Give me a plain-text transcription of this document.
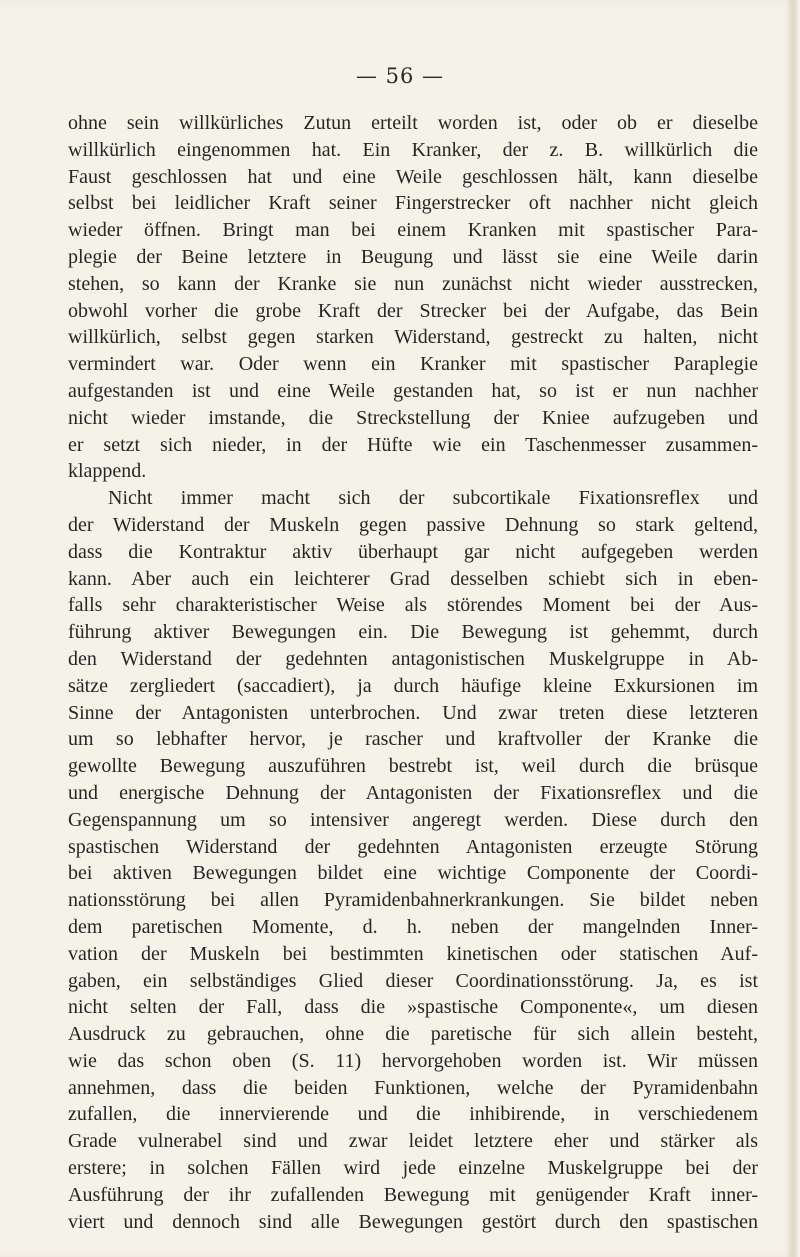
— 56 —
ohne sein willkürliches Zutun erteilt worden ist, oder ob er dieselbe
willkürlich eingenommen hat. Ein Kranker, der z. B. willkürlich die
Faust geschlossen hat und eine Weile geschlossen hält, kann dieselbe
selbst bei leidlicher Kraft seiner Fingerstrecker oft nachher nicht gleich
wieder öffnen. Bringt man bei einem Kranken mit spastischer Para-
plegie der Beine letztere in Beugung und lässt sie eine Weile darin
stehen, so kann der Kranke sie nun zunächst nicht wieder ausstrecken,
obwohl vorher die grobe Kraft der Strecker bei der Aufgabe, das Bein
willkürlich, selbst gegen starken Widerstand, gestreckt zu halten, nicht
vermindert war. Oder wenn ein Kranker mit spastischer Paraplegie
aufgestanden ist und eine Weile gestanden hat, so ist er nun nachher
nicht wieder imstande, die Streckstellung der Kniee aufzugeben und
er setzt sich nieder, in der Hüfte wie ein Taschenmesser zusammen-
klappend.
Nicht immer macht sich der subcortikale Fixationsreflex und
der Widerstand der Muskeln gegen passive Dehnung so stark geltend,
dass die Kontraktur aktiv überhaupt gar nicht aufgegeben werden
kann. Aber auch ein leichterer Grad desselben schiebt sich in eben-
falls sehr charakteristischer Weise als störendes Moment bei der Aus-
führung aktiver Bewegungen ein. Die Bewegung ist gehemmt, durch
den Widerstand der gedehnten antagonistischen Muskelgruppe in Ab-
sätze zergliedert (saccadiert), ja durch häufige kleine Exkursionen im
Sinne der Antagonisten unterbrochen. Und zwar treten diese letzteren
um so lebhafter hervor, je rascher und kraftvoller der Kranke die
gewollte Bewegung auszuführen bestrebt ist, weil durch die brüsque
und energische Dehnung der Antagonisten der Fixationsreflex und die
Gegenspannung um so intensiver angeregt werden. Diese durch den
spastischen Widerstand der gedehnten Antagonisten erzeugte Störung
bei aktiven Bewegungen bildet eine wichtige Componente der Coordi-
nationsstörung bei allen Pyramidenbahnerkrankungen. Sie bildet neben
dem paretischen Momente, d. h. neben der mangelnden Inner-
vation der Muskeln bei bestimmten kinetischen oder statischen Auf-
gaben, ein selbständiges Glied dieser Coordinationsstörung. Ja, es ist
nicht selten der Fall, dass die »spastische Componente«, um diesen
Ausdruck zu gebrauchen, ohne die paretische für sich allein besteht,
wie das schon oben (S. 11) hervorgehoben worden ist. Wir müssen
annehmen, dass die beiden Funktionen, welche der Pyramidenbahn
zufallen, die innervierende und die inhibirende, in verschiedenem
Grade vulnerabel sind und zwar leidet letztere eher und stärker als
erstere; in solchen Fällen wird jede einzelne Muskelgruppe bei der
Ausführung der ihr zufallenden Bewegung mit genügender Kraft inner-
viert und dennoch sind alle Bewegungen gestört durch den spastischen
